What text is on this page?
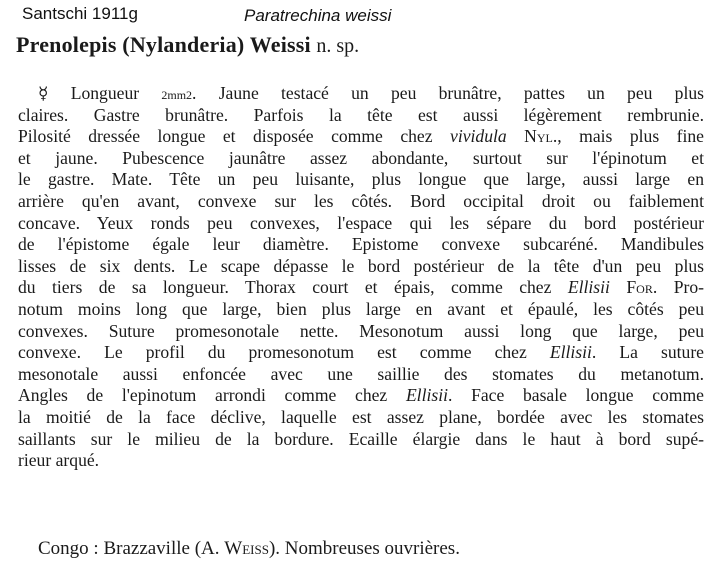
Santschi 1911g	Paratrechina weissi
Prenolepis (Nylanderia) Weissi n. sp.
☿ Longueur 2mm2. Jaune testacé un peu brunâtre, pattes un peu plus
claires. Gastre brunâtre. Parfois la tête est aussi légèrement rembrunie.
Pilosité dressée longue et disposée comme chez vividula Nyl., mais plus fine
et jaune. Pubescence jaunâtre assez abondante, surtout sur l'épinotum et
le gastre. Mate. Tête un peu luisante, plus longue que large, aussi large en
arrière qu'en avant, convexe sur les côtés. Bord occipital droit ou faiblement
concave. Yeux ronds peu convexes, l'espace qui les sépare du bord postérieur
de l'épistome égale leur diamètre. Epistome convexe subcaréné. Mandibules
lisses de six dents. Le scape dépasse le bord postérieur de la tête d'un peu plus
du tiers de sa longueur. Thorax court et épais, comme chez Ellisii For. Pro-
notum moins long que large, bien plus large en avant et épaulé, les côtés peu
convexes. Suture promesonotale nette. Mesonotum aussi long que large, peu
convexe. Le profil du promesonotum est comme chez Ellisii. La suture
mesonotale aussi enfoncée avec une saillie des stomates du metanotum.
Angles de l'epinotum arrondi comme chez Ellisii. Face basale longue comme
la moitié de la face déclive, laquelle est assez plane, bordée avec les stomates
saillants sur le milieu de la bordure. Ecaille élargie dans le haut à bord supé-
rieur arqué.
Congo : Brazzaville (A. Weiss). Nombreuses ouvrières.
